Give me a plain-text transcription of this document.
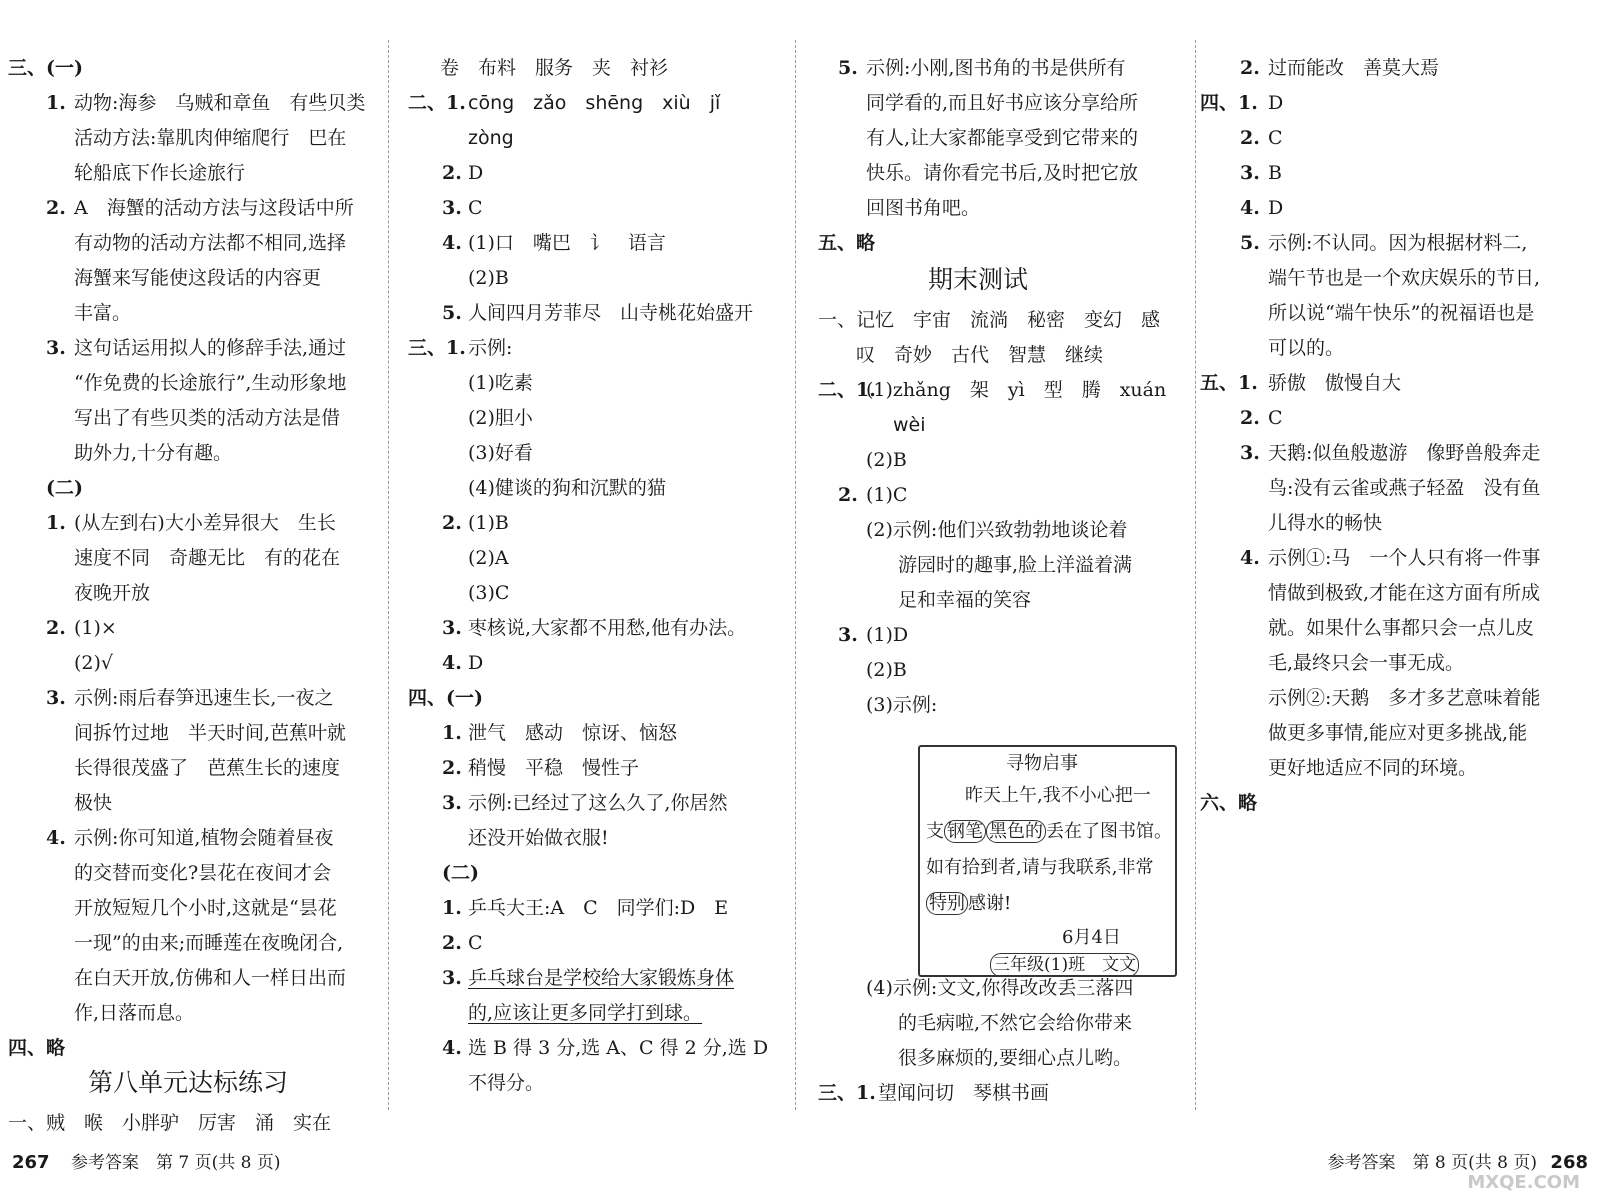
三、(一)
1. 动物:海参　乌贼和章鱼　有些贝类
活动方法:靠肌肉伸缩爬行　巴在
轮船底下作长途旅行
2. A　海蟹的活动方法与这段话中所
有动物的活动方法都不相同,选择
海蟹来写能使这段话的内容更
丰富。
3. 这句话运用拟人的修辞手法,通过
“作免费的长途旅行”,生动形象地
写出了有些贝类的活动方法是借
助外力,十分有趣。
(二)
1. (从左到右)大小差异很大　生长
速度不同　奇趣无比　有的花在
夜晚开放
2. (1)×
(2)√
3. 示例:雨后春笋迅速生长,一夜之
间拆竹过地　半天时间,芭蕉叶就
长得很茂盛了　芭蕉生长的速度
极快
4. 示例:你可知道,植物会随着昼夜
的交替而变化?昙花在夜间才会
开放短短几个小时,这就是“昙花
一现”的由来;而睡莲在夜晚闭合,
在白天开放,仿佛和人一样日出而
作,日落而息。
四、略
第八单元达标练习
一、贼　喉　小胖驴　厉害　涌　实在
卷　布料　服务　夹　衬衫
二、1. cōng　zǎo　shēng　xiù　jǐ
zòng
2. D
3. C
4. (1)口　嘴巴　讠　语言
(2)B
5. 人间四月芳菲尽　山寺桃花始盛开
三、1. 示例:
(1)吃素
(2)胆小
(3)好看
(4)健谈的狗和沉默的猫
2. (1)B
(2)A
(3)C
3. 枣核说,大家都不用愁,他有办法。
4. D
四、(一)
1. 泄气　感动　惊讶、恼怒
2. 稍慢　平稳　慢性子
3. 示例:已经过了这么久了,你居然
还没开始做衣服!
(二)
1. 乒乓大王:A　C　同学们:D　E
2. C
3. 乒乓球台是学校给大家锻炼身体
的,应该让更多同学打到球。
4. 选 B 得 3 分,选 A、C 得 2 分,选 D
不得分。
5. 示例:小刚,图书角的书是供所有
同学看的,而且好书应该分享给所
有人,让大家都能享受到它带来的
快乐。请你看完书后,及时把它放
回图书角吧。
五、略
期末测试
一、记忆　宇宙　流淌　秘密　变幻　感
叹　奇妙　古代　智慧　继续
二、1.
(1)zhǎng　架　yì　型　腾　xuán
wèi
(2)B
2. (1)C
(2)示例:他们兴致勃勃地谈论着
游园时的趣事,脸上洋溢着满
足和幸福的笑容
3. (1)D
(2)B
(3)示例:
(4)示例:文文,你得改改丢三落四
的毛病啦,不然它会给你带来
很多麻烦的,要细心点儿哟。
三、1. 望闻问切　琴棋书画
寻物启事
昨天上午,我不小心把一
支 钢笔 黑色的 丢在了图书馆。
如有拾到者,请与我联系,非常
特别 感谢!
6月4日
三年级(1)班　文文
2. 过而能改　善莫大焉
四、1. D
2. C
3. B
4. D
5. 示例:不认同。因为根据材料二,
端午节也是一个欢庆娱乐的节日,
所以说“端午快乐”的祝福语也是
可以的。
五、1. 骄傲　傲慢自大
2. C
3. 天鹅:似鱼般遨游　像野兽般奔走
鸟:没有云雀或燕子轻盈　没有鱼
儿得水的畅快
4. 示例①:马　一个人只有将一件事
情做到极致,才能在这方面有所成
就。如果什么事都只会一点儿皮
毛,最终只会一事无成。
示例②:天鹅　多才多艺意味着能
做更多事情,能应对更多挑战,能
更好地适应不同的环境。
六、略
267 参考答案　第 7 页(共 8 页)	参考答案　第 8 页(共 8 页) 268
MXQE.COM
